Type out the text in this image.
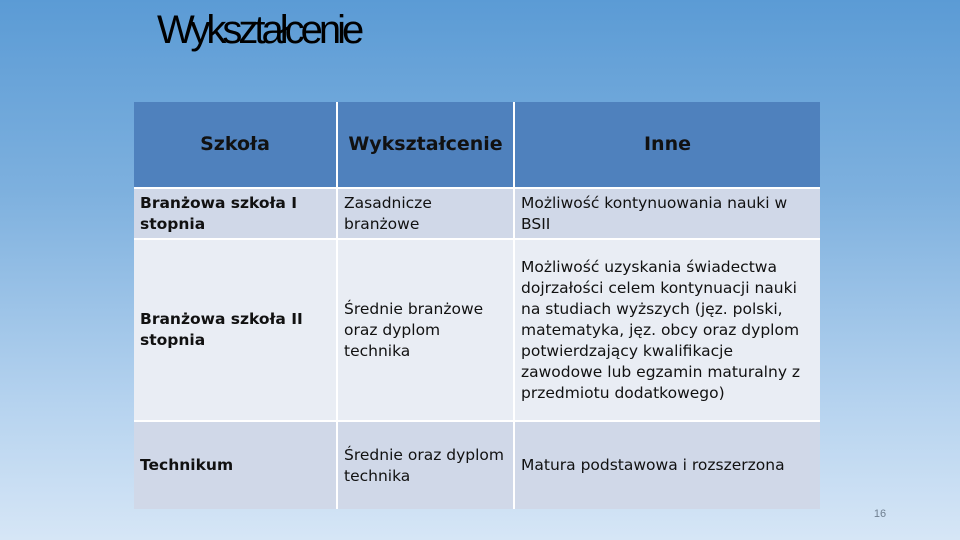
Wykształcenie
Szkoła	Wykształcenie	Inne
Branżowa szkoła I stopnia
Zasadnicze branżowe
Możliwość kontynuowania nauki w BSII
Branżowa szkoła II stopnia
Średnie branżowe oraz dyplom technika
Możliwość uzyskania świadectwa dojrzałości celem kontynuacji nauki na studiach wyższych (jęz. polski, matematyka, jęz. obcy oraz dyplom potwierdzający kwalifikacje zawodowe lub egzamin maturalny z przedmiotu dodatkowego)
Technikum
Średnie oraz dyplom technika
Matura podstawowa i rozszerzona
16
